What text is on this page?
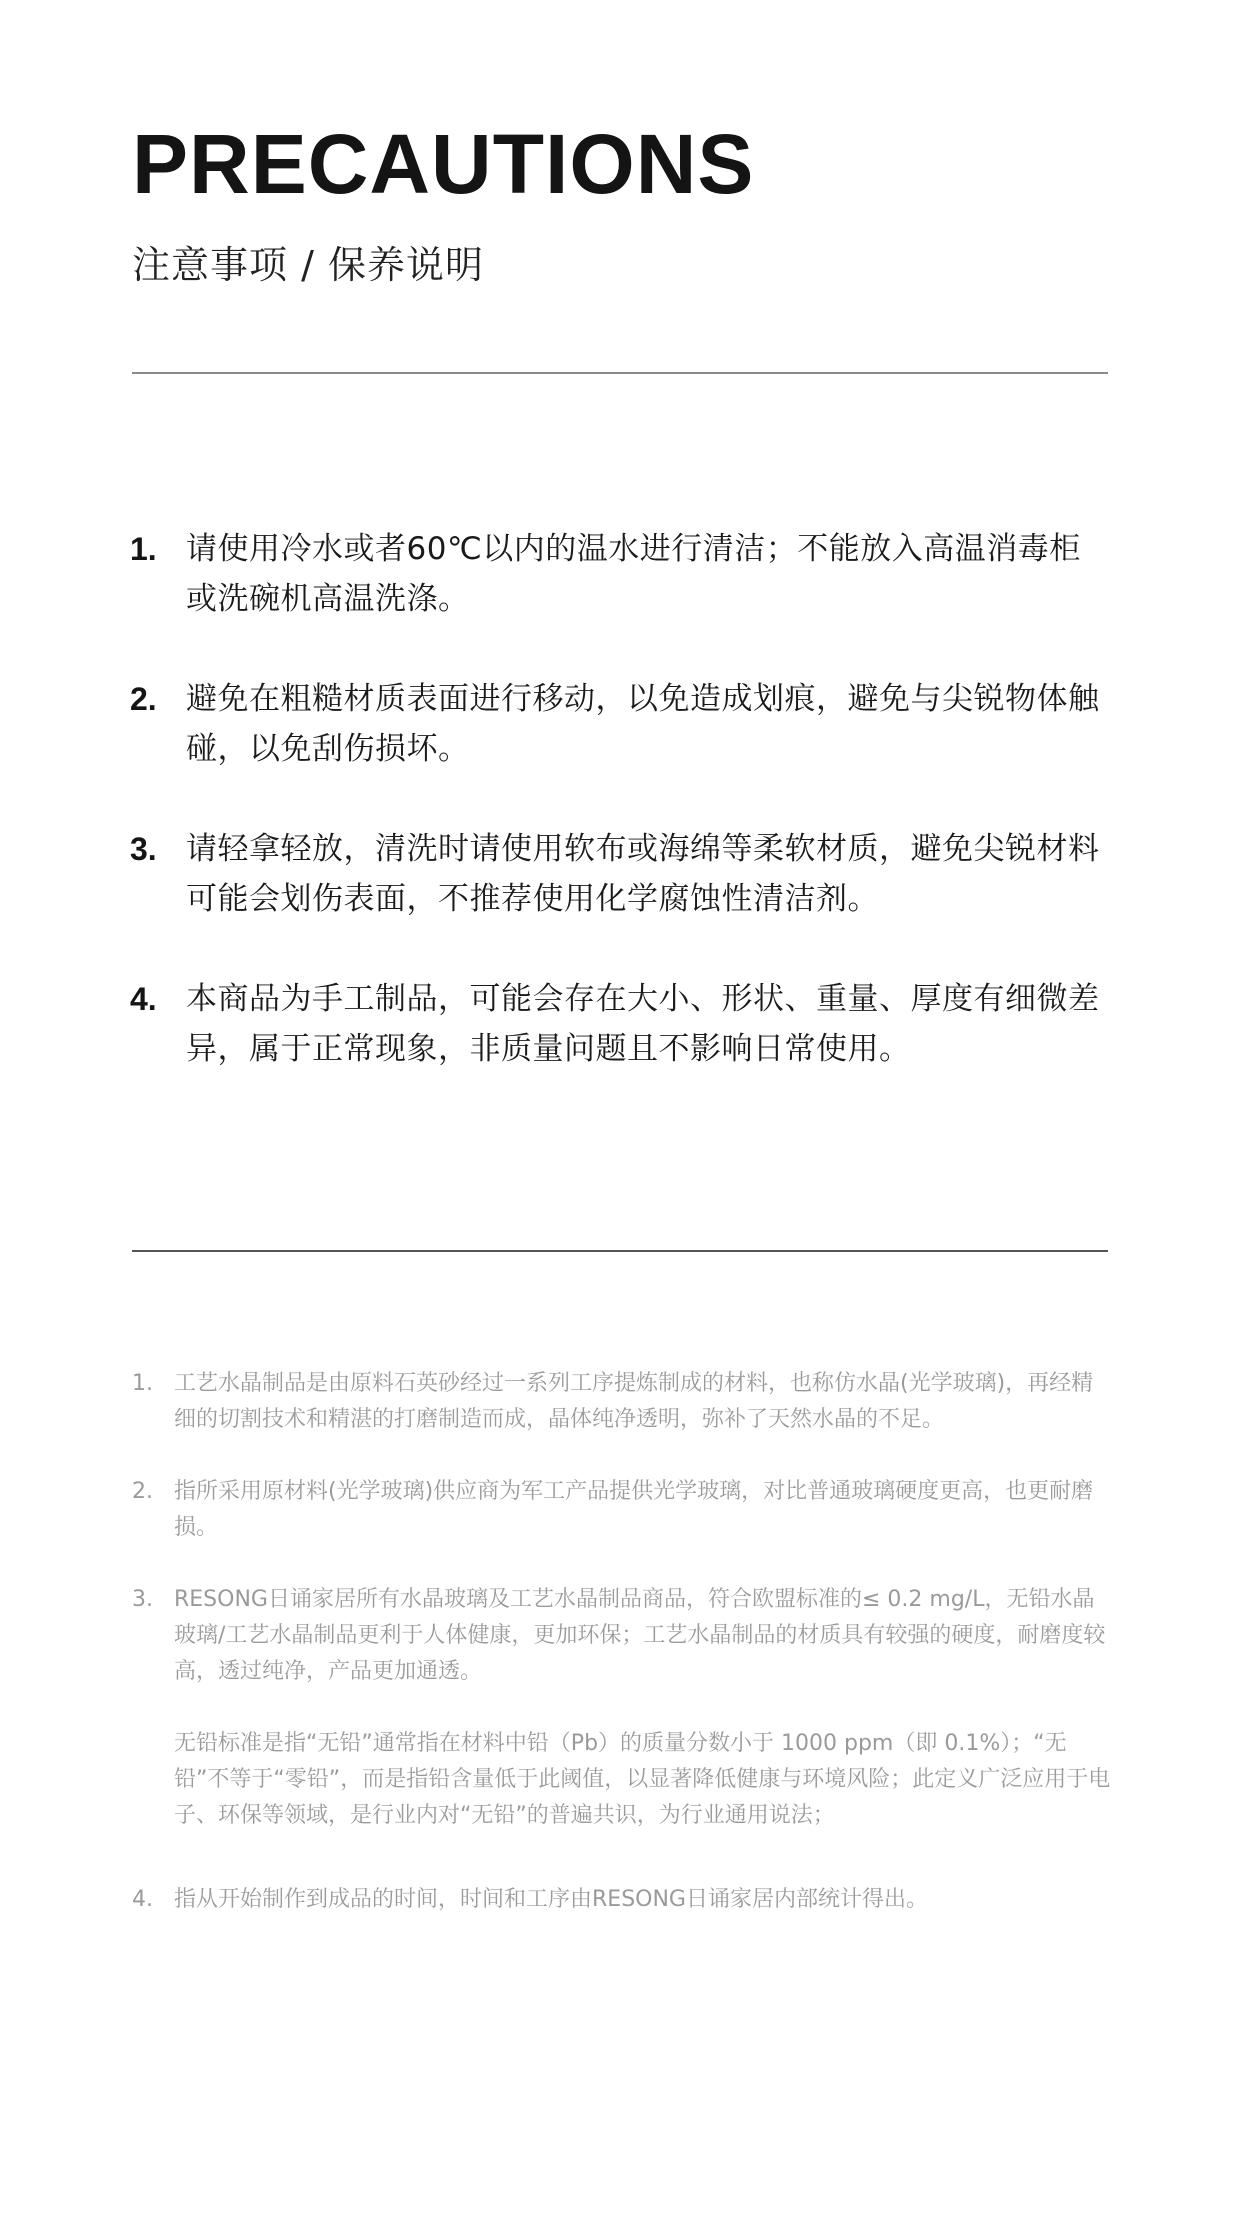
PRECAUTIONS
注意事项 / 保养说明
1. 请使用冷水或者60℃以内的温水进行清洁；不能放入高温消毒柜或洗碗机高温洗涤。
2. 避免在粗糙材质表面进行移动，以免造成划痕，避免与尖锐物体触碰，以免刮伤损坏。
3. 请轻拿轻放，清洗时请使用软布或海绵等柔软材质，避免尖锐材料可能会划伤表面，不推荐使用化学腐蚀性清洁剂。
4. 本商品为手工制品，可能会存在大小、形状、重量、厚度有细微差异，属于正常现象，非质量问题且不影响日常使用。
1. 工艺水晶制品是由原料石英砂经过一系列工序提炼制成的材料，也称仿水晶(光学玻璃)，再经精细的切割技术和精湛的打磨制造而成，晶体纯净透明，弥补了天然水晶的不足。
2. 指所采用原材料(光学玻璃)供应商为军工产品提供光学玻璃，对比普通玻璃硬度更高，也更耐磨损。
3. RESONG日诵家居所有水晶玻璃及工艺水晶制品商品，符合欧盟标准的≤ 0.2 mg/L，无铅水晶玻璃/工艺水晶制品更利于人体健康，更加环保；工艺水晶制品的材质具有较强的硬度，耐磨度较高，透过纯净，产品更加通透。
无铅标准是指“无铅”通常指在材料中铅（Pb）的质量分数小于 1000 ppm（即 0.1%）；“无铅”不等于“零铅”，而是指铅含量低于此阈值，以显著降低健康与环境风险；此定义广泛应用于电子、环保等领域，是行业内对“无铅”的普遍共识，为行业通用说法；
4. 指从开始制作到成品的时间，时间和工序由RESONG日诵家居内部统计得出。
